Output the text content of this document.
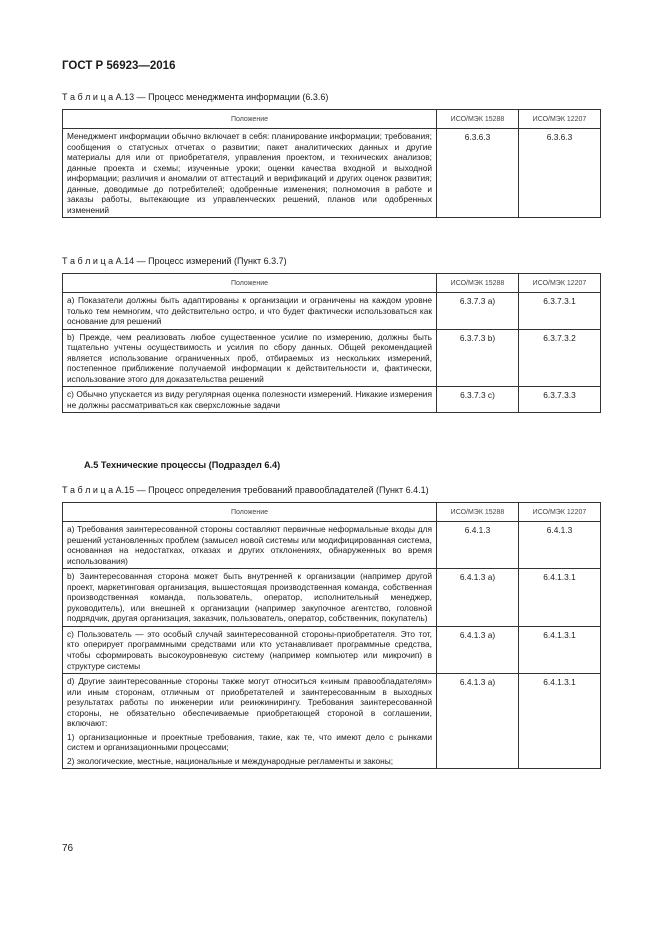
ГОСТ Р 56923—2016
Т а б л и ц а А.13 — Процесс менеджмента информации (6.3.6)
Положение	ИСО/МЭК 15288	ИСО/МЭК 12207
Менеджмент информации обычно включает в себя: планирование информации; требования; сообщения о статусных отчетах о развитии; пакет аналитических данных и другие материалы для или от приобретателя, управления проектом, и технических анализов; данные проекта и схемы; изученные уроки; оценки качества входной и выходной информации; различия и аномалии от аттестаций и верификаций и других оценок развития; данные, доводимые до потребителей; одобренные изменения; полномочия в работе и заказы работы, вытекающие из управленческих решений, планов или одобренных изменений	6.3.6.3	6.3.6.3
Т а б л и ц а А.14 — Процесс измерений (Пункт 6.3.7)
Положение	ИСО/МЭК 15288	ИСО/МЭК 12207
a) Показатели должны быть адаптированы к организации и ограничены на каждом уровне только тем немногим, что действительно остро, и что будет фактически использоваться как основание для решений	6.3.7.3 a)	6.3.7.3.1
b) Прежде, чем реализовать любое существенное усилие по измерению, должны быть тщательно учтены осуществимость и усилия по сбору данных. Общей рекомендацией является использование ограниченных проб, отбираемых из нескольких измерений, постепенное приближение получаемой информации к действительности и, фактически, использование этого для доказательства решений	6.3.7.3 b)	6.3.7.3.2
c) Обычно упускается из виду регулярная оценка полезности измерений. Никакие измерения не должны рассматриваться как сверхсложные задачи	6.3.7.3 c)	6.3.7.3.3
А.5 Технические процессы (Подраздел 6.4)
Т а б л и ц а А.15 — Процесс определения требований правообладателей (Пункт 6.4.1)
Положение	ИСО/МЭК 15288	ИСО/МЭК 12207

a) Требования заинтересованной стороны составляют первичные неформальные входы для решений установленных проблем (замысел новой системы или модифицированная система, основанная на недостатках, отказах и других отклонениях, обнаруженных во время использования)	6.4.1.3	6.4.1.3

b) Заинтересованная сторона может быть внутренней к организации (например другой проект, маркетинговая организация, вышестоящая производственная команда, собственная производственная команда, пользователь, оператор, исполнительный менеджер, руководитель), или внешней к организации (например закупочное агентство, головной подрядчик, другая организация, заказчик, пользователь, оператор, собственник, покупатель)	6.4.1.3 a)	6.4.1.3.1

c) Пользователь — это особый случай заинтересованной стороны-приобретателя. Это тот, кто оперирует программными средствами или кто устанавливает программные средства, чтобы сформировать высокоуровневую систему (например компьютер или микрочип) в структуре системы	6.4.1.3 a)	6.4.1.3.1

d) Другие заинтересованные стороны также могут относиться к«иным правообладателям» или иным сторонам, отличным от приобретателей и заинтересованным в выходных результатах работы по инженерии или реинжинирингу. Требования заинтересованной стороны, не обязательно обеспечиваемые приобретающей стороной в соглашении, включают:
1) организационные и проектные требования, такие, как те, что имеют дело с рынками систем и организационными процессами;
2) экологические, местные, национальные и международные регламенты и законы;	6.4.1.3 a)	6.4.1.3.1
76
